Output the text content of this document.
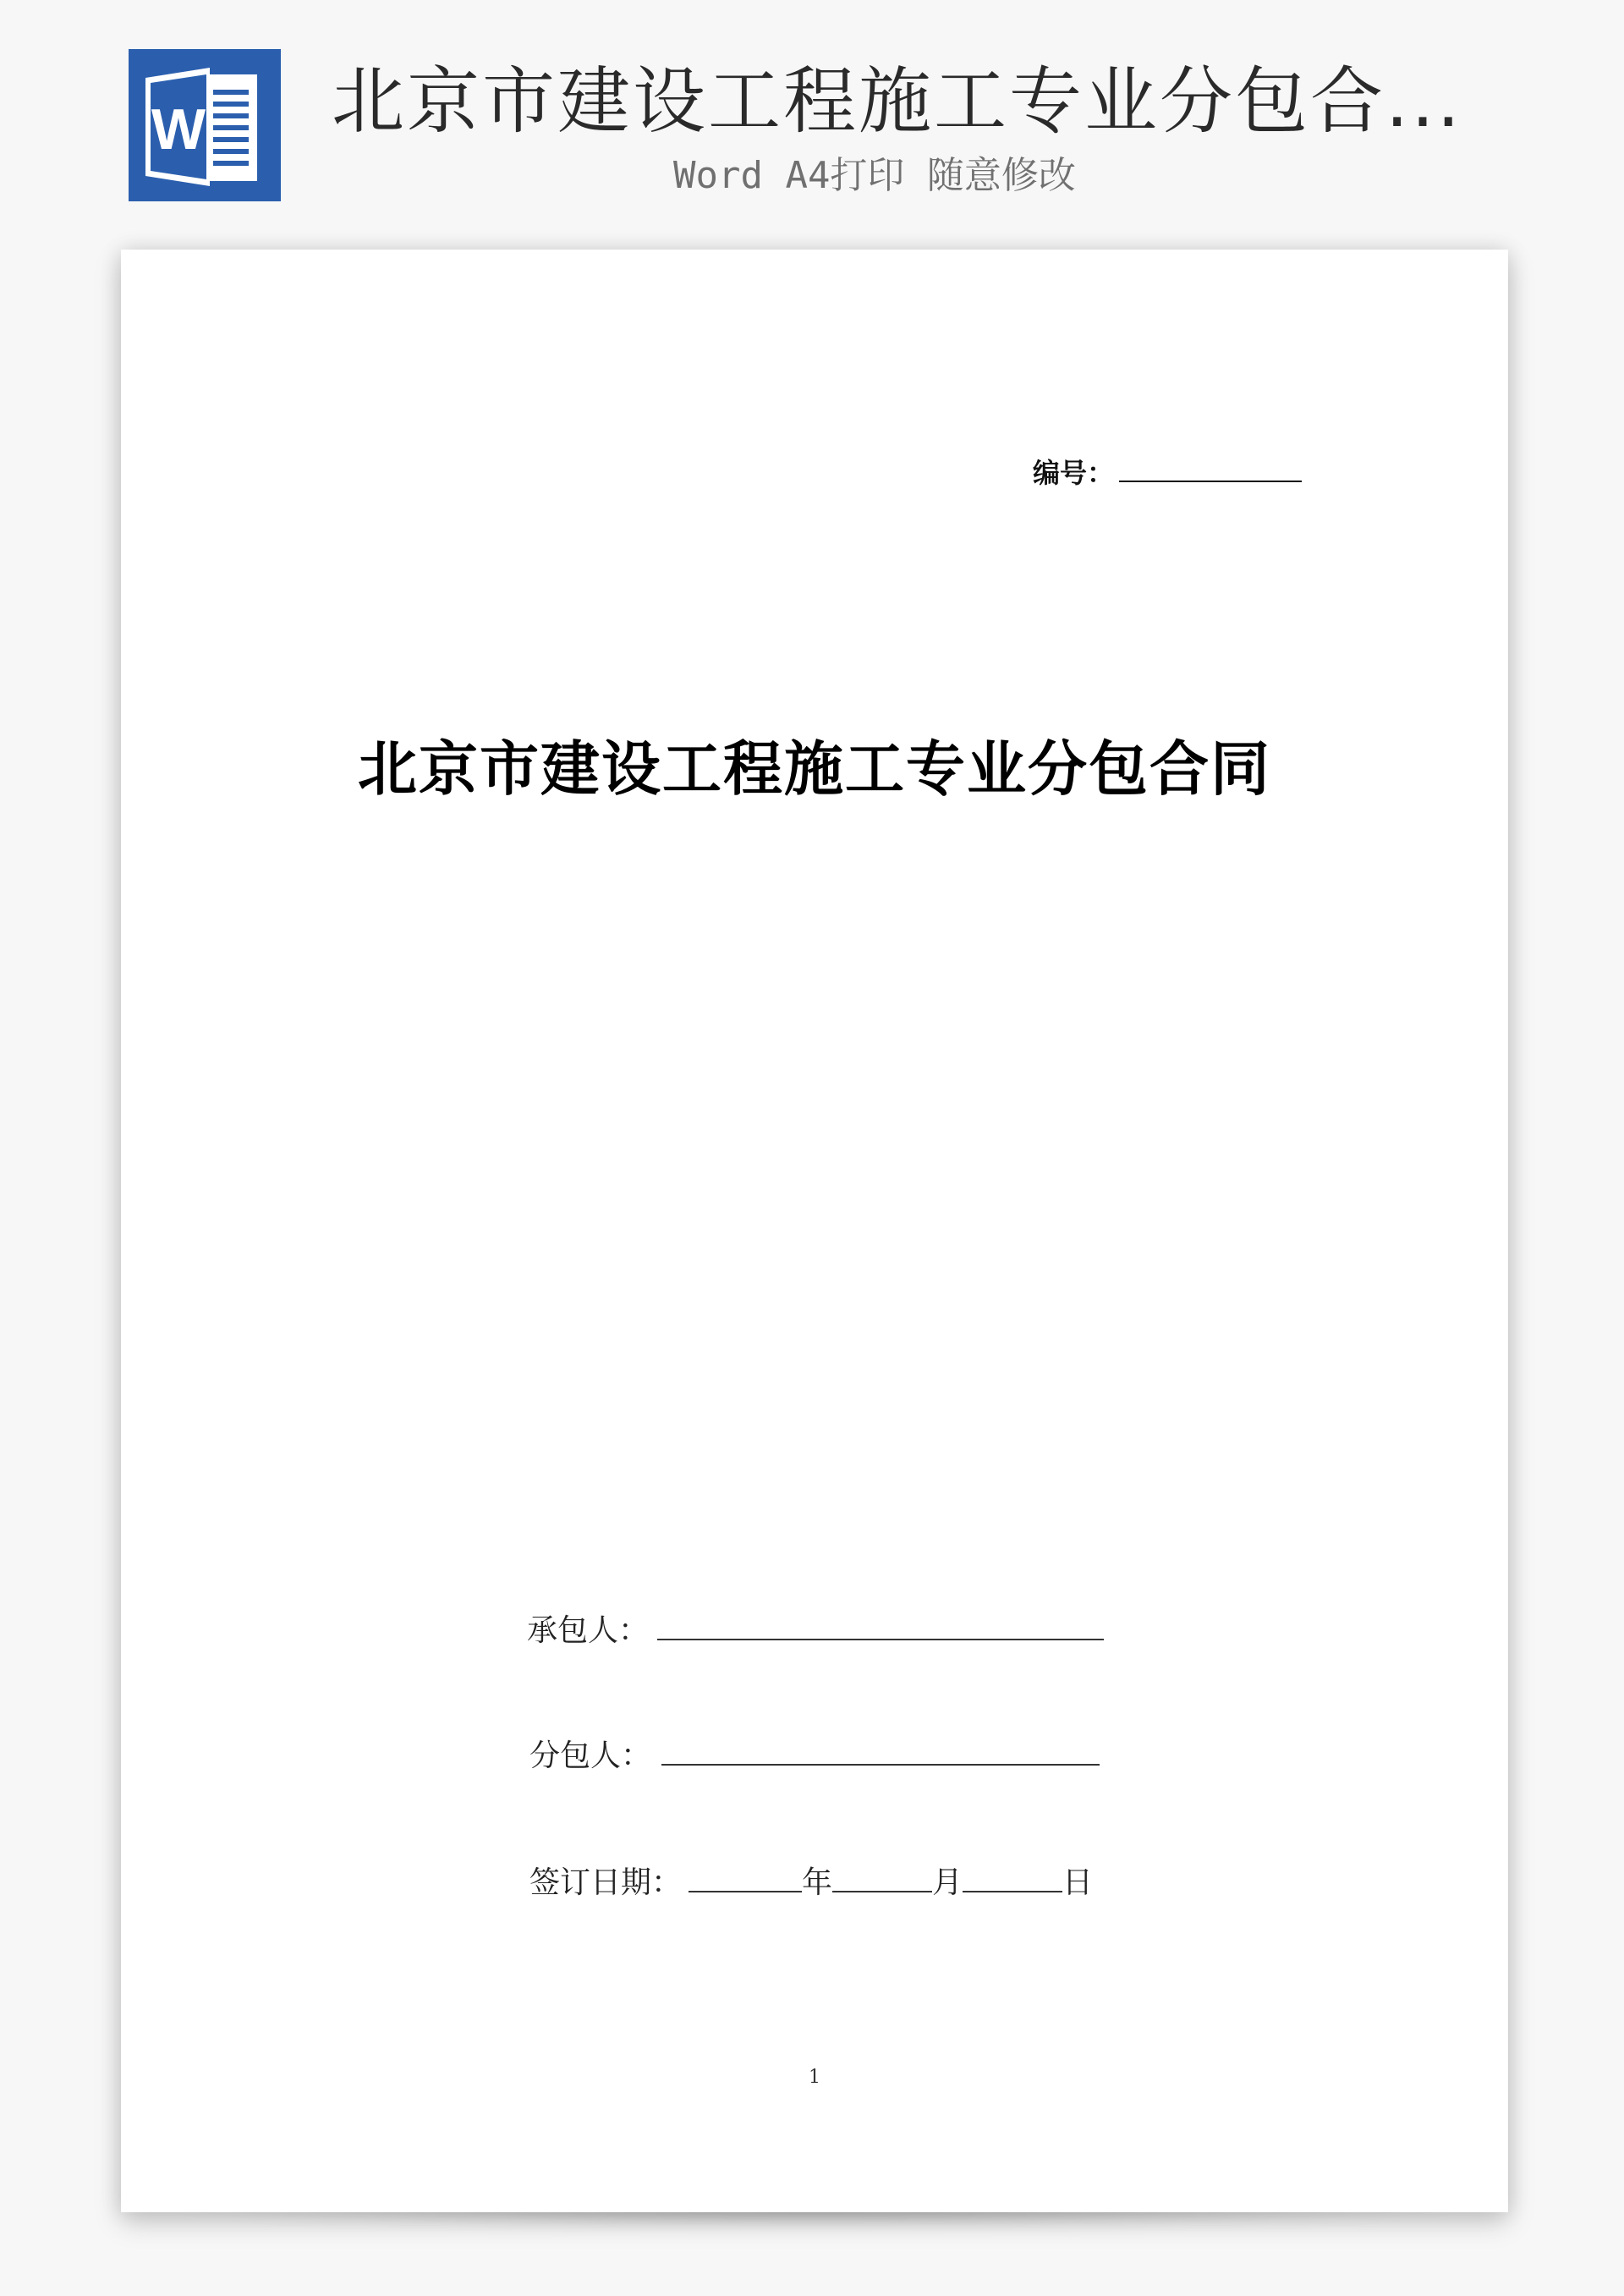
W 北京市建设工程施工专业分包合...
Word A4打印 随意修改
编号：
北京市建设工程施工专业分包合同
承包人：
分包人：
签订日期：	年	月	日
1
